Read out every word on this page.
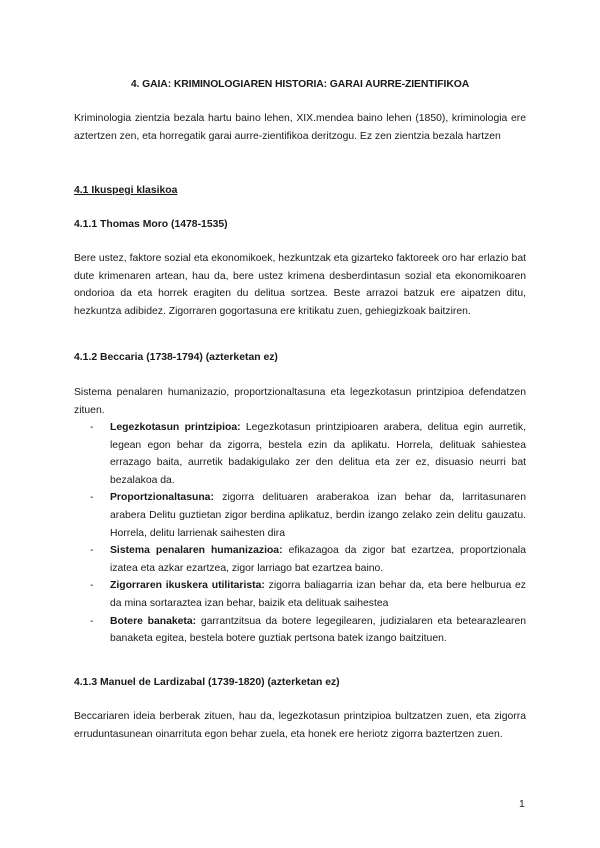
4. GAIA: KRIMINOLOGIAREN HISTORIA: GARAI AURRE-ZIENTIFIKOA
Kriminologia zientzia bezala hartu baino lehen, XIX.mendea baino lehen (1850), kriminologia ere aztertzen zen, eta horregatik garai aurre-zientifikoa deritzogu. Ez zen zientzia bezala hartzen
4.1 Ikuspegi klasikoa
4.1.1 Thomas Moro (1478-1535)
Bere ustez, faktore sozial eta ekonomikoek, hezkuntzak eta gizarteko faktoreek oro har erlazio bat dute krimenaren artean, hau da, bere ustez krimena desberdintasun sozial eta ekonomikoaren ondorioa da eta horrek eragiten du delitua sortzea. Beste arrazoi batzuk ere aipatzen ditu, hezkuntza adibidez. Zigorraren gogortasuna ere kritikatu zuen, gehiegizkoak baitziren.
4.1.2 Beccaria (1738-1794) (azterketan ez)
Sistema penalaren humanizazio, proportzionaltasuna eta legezkotasun printzipioa defendatzen zituen.
- Legezkotasun printzipioa: Legezkotasun printzipioaren arabera, delitua egin aurretik, legean egon behar da zigorra, bestela ezin da aplikatu. Horrela, delituak sahiestea errazago baita, aurretik badakigulako zer den delitua eta zer ez, disuasio neurri bat bezalakoa da.
- Proportzionaltasuna: zigorra delituaren araberakoa izan behar da, larritasunaren arabera Delitu guztietan zigor berdina aplikatuz, berdin izango zelako zein delitu gauzatu. Horrela, delitu larrienak saihesten dira
- Sistema penalaren humanizazioa: efikazagoa da zigor bat ezartzea, proportzionala izatea eta azkar ezartzea, zigor larriago bat ezartzea baino.
- Zigorraren ikuskera utilitarista: zigorra baliagarria izan behar da, eta bere helburua ez da mina sortaraztea izan behar, baizik eta delituak saihestea
- Botere banaketa: garrantzitsua da botere legegilearen, judizialaren eta betearazlearen banaketa egitea, bestela botere guztiak pertsona batek izango baitzituen.
4.1.3 Manuel de Lardizabal (1739-1820) (azterketan ez)
Beccariaren ideia berberak zituen, hau da, legezkotasun printzipioa bultzatzen zuen, eta zigorra erruduntasunean oinarrituta egon behar zuela, eta honek ere heriotz zigorra baztertzen zuen.
1
